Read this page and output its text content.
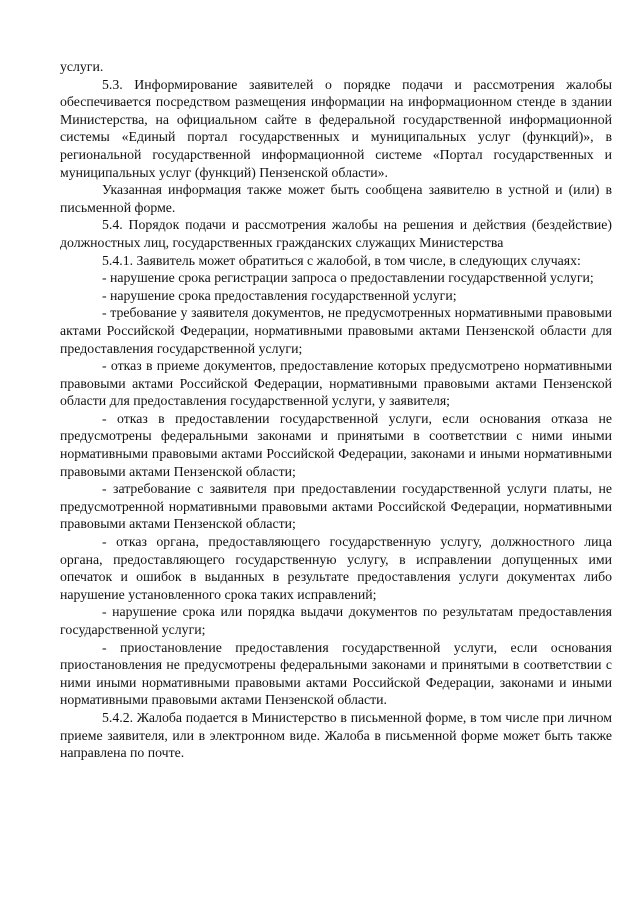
услуги.

5.3. Информирование заявителей о порядке подачи и рассмотрения жалобы обеспечивается посредством размещения информации на информационном стенде в здании Министерства, на официальном сайте в федеральной государственной информационной системы «Единый портал государственных и муниципальных услуг (функций)», в региональной государственной информационной системе «Портал государственных и муниципальных услуг (функций) Пензенской области».

Указанная информация также может быть сообщена заявителю в устной и (или) в письменной форме.

5.4. Порядок подачи и рассмотрения жалобы на решения и действия (бездействие) должностных лиц, государственных гражданских служащих Министерства

5.4.1. Заявитель может обратиться с жалобой, в том числе, в следующих случаях:

- нарушение срока регистрации запроса о предоставлении государственной услуги;

- нарушение срока предоставления государственной услуги;

- требование у заявителя документов, не предусмотренных нормативными правовыми актами Российской Федерации, нормативными правовыми актами Пензенской области для предоставления государственной услуги;

- отказ в приеме документов, предоставление которых предусмотрено нормативными правовыми актами Российской Федерации, нормативными правовыми актами Пензенской области для предоставления государственной услуги, у заявителя;

- отказ в предоставлении государственной услуги, если основания отказа не предусмотрены федеральными законами и принятыми в соответствии с ними иными нормативными правовыми актами Российской Федерации, законами и иными нормативными правовыми актами Пензенской области;

- затребование с заявителя при предоставлении государственной услуги платы, не предусмотренной нормативными правовыми актами Российской Федерации, нормативными правовыми актами Пензенской области;

- отказ органа, предоставляющего государственную услугу, должностного лица органа, предоставляющего государственную услугу, в исправлении допущенных ими опечаток и ошибок в выданных в результате предоставления услуги документах либо нарушение установленного срока таких исправлений;

- нарушение срока или порядка выдачи документов по результатам предоставления государственной услуги;

- приостановление предоставления государственной услуги, если основания приостановления не предусмотрены федеральными законами и принятыми в соответствии с ними иными нормативными правовыми актами Российской Федерации, законами и иными нормативными правовыми актами Пензенской области.

5.4.2. Жалоба подается в Министерство в письменной форме, в том числе при личном приеме заявителя, или в электронном виде. Жалоба в письменной форме может быть также направлена по почте.
